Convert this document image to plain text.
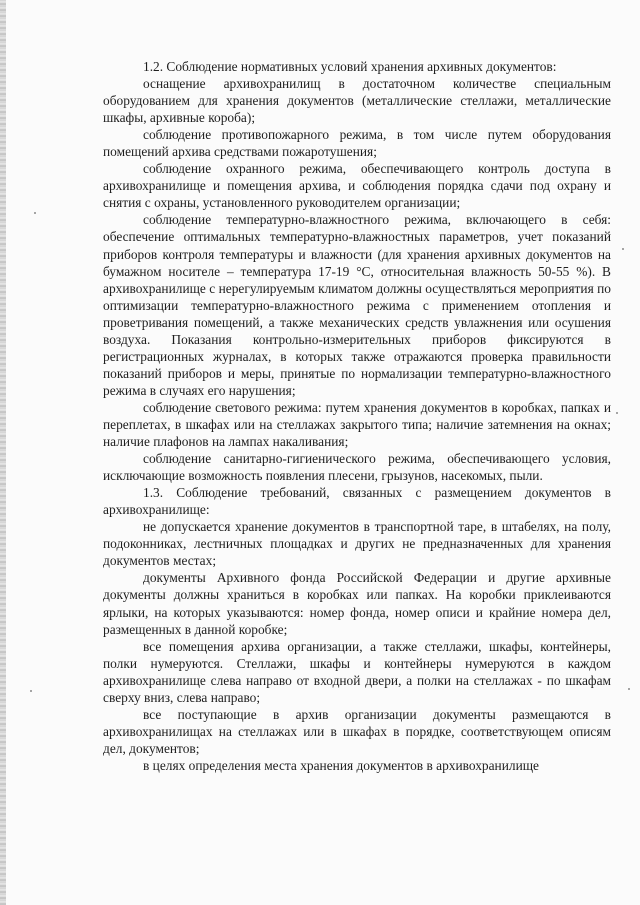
1.2. Соблюдение нормативных условий хранения архивных документов:

оснащение архивохранилищ в достаточном количестве специальным оборудованием для хранения документов (металлические стеллажи, металлические шкафы, архивные короба);

соблюдение противопожарного режима, в том числе путем оборудования помещений архива средствами пожаротушения;

соблюдение охранного режима, обеспечивающего контроль доступа в архивохранилище и помещения архива, и соблюдения порядка сдачи под охрану и снятия с охраны, установленного руководителем организации;

соблюдение температурно-влажностного режима, включающего в себя: обеспечение оптимальных температурно-влажностных параметров, учет показаний приборов контроля температуры и влажности (для хранения архивных документов на бумажном носителе – температура 17-19 °С, относительная влажность 50-55 %). В архивохранилище с нерегулируемым климатом должны осуществляться мероприятия по оптимизации температурно-влажностного режима с применением отопления и проветривания помещений, а также механических средств увлажнения или осушения воздуха. Показания контрольно-измерительных приборов фиксируются в регистрационных журналах, в которых также отражаются проверка правильности показаний приборов и меры, принятые по нормализации температурно-влажностного режима в случаях его нарушения;

соблюдение светового режима: путем хранения документов в коробках, папках и переплетах, в шкафах или на стеллажах закрытого типа; наличие затемнения на окнах; наличие плафонов на лампах накаливания;

соблюдение санитарно-гигиенического режима, обеспечивающего условия, исключающие возможность появления плесени, грызунов, насекомых, пыли.

1.3. Соблюдение требований, связанных с размещением документов в архивохранилище:

не допускается хранение документов в транспортной таре, в штабелях, на полу, подоконниках, лестничных площадках и других не предназначенных для хранения документов местах;

документы Архивного фонда Российской Федерации и другие архивные документы должны храниться в коробках или папках. На коробки приклеиваются ярлыки, на которых указываются: номер фонда, номер описи и крайние номера дел, размещенных в данной коробке;

все помещения архива организации, а также стеллажи, шкафы, контейнеры, полки нумеруются. Стеллажи, шкафы и контейнеры нумеруются в каждом архивохранилище слева направо от входной двери, а полки на стеллажах - по шкафам сверху вниз, слева направо;

все поступающие в архив организации документы размещаются в архивохранилищах на стеллажах или в шкафах в порядке, соответствующем описям дел, документов;

в целях определения места хранения документов в архивохранилище
